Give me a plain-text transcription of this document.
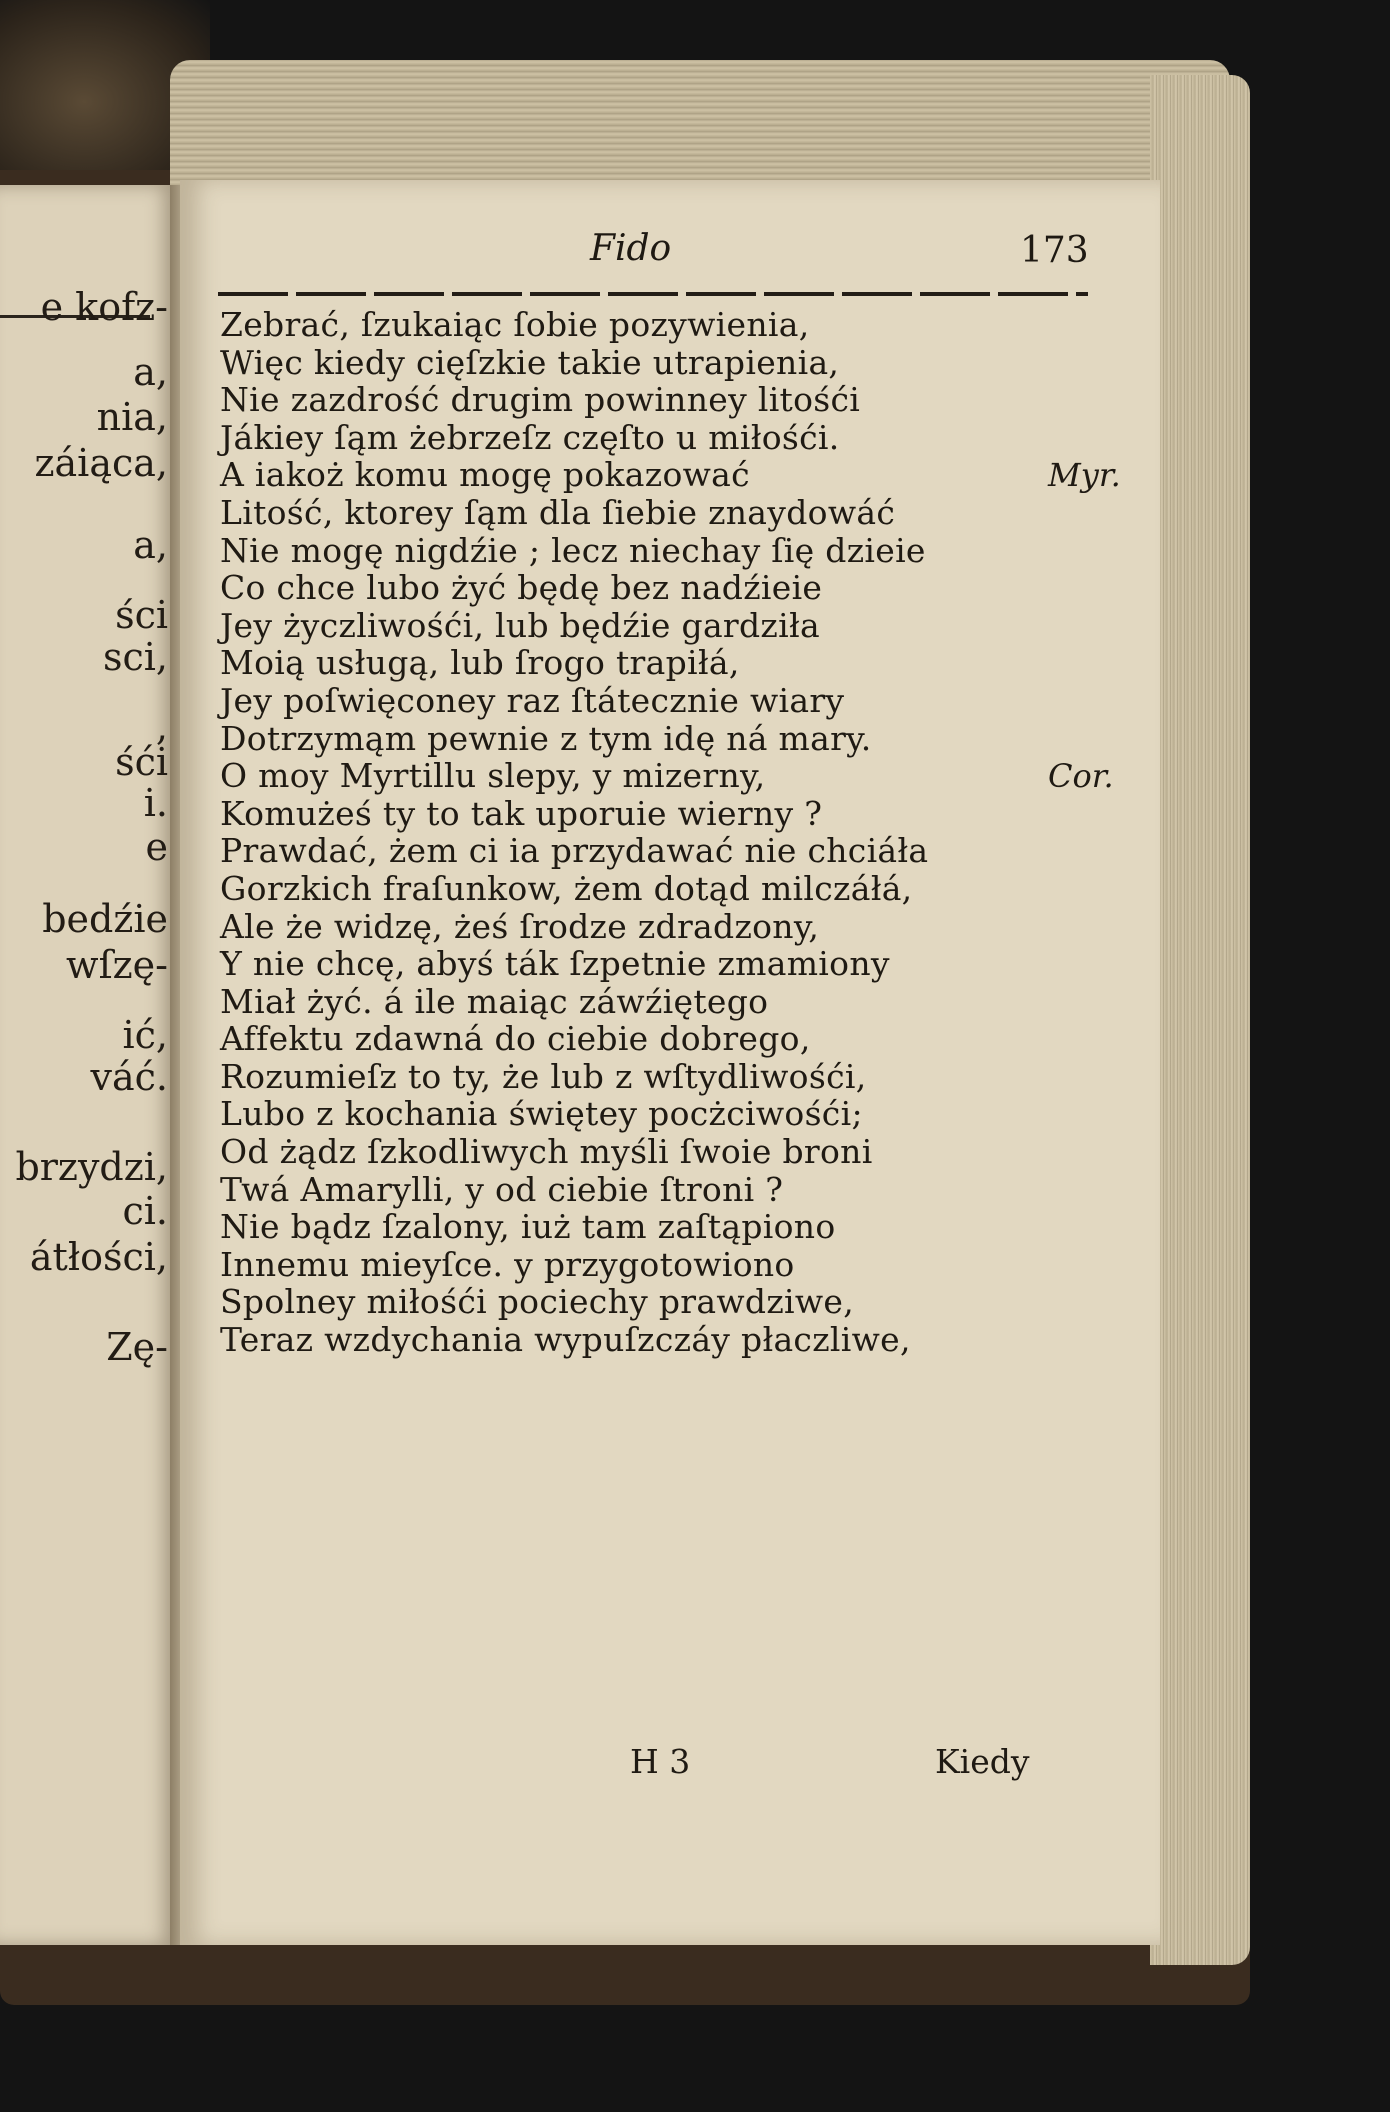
e kofz-
a,
nia,
záiąca,
a,
ści
sci,
,
śći
i.
e
bedźie
wſzę-
ić,
váć.
brzydzi,
ci.
átłości,
Zę-
Fido	173
Zebrać, ſzukaiąc ſobie pozywienia,
Więc kiedy cięſzkie takie utrapienia,
Nie zazdrość drugim powinney litośći
Jákiey ſąm żebrzeſz częſto u miłośći.
A iakoż komu mogę pokazować
Litość, ktorey ſąm dla ſiebie znaydowáć
Nie mogę nigdźie ; lecz niechay ſię dzieie
Co chce lubo żyć będę bez nadźieie
Jey życzliwośći, lub będźie gardziła
Moią usługą, lub ſrogo trapiłá,
Jey poſwięconey raz ſtátecznie wiary
Dotrzymąm pewnie z tym idę ná mary.
O moy Myrtillu slepy, y mizerny,
Komużeś ty to tak uporuie wierny ?
Prawdać, żem ci ia przydawać nie chciáła
Gorzkich fraſunkow, żem dotąd milczáłá,
Ale że widzę, żeś ſrodze zdradzony,
Y nie chcę, abyś ták ſzpetnie zmamiony
Miał żyć. á ile maiąc záwźiętego
Affektu zdawná do ciebie dobrego,
Rozumieſz to ty, że lub z wſtydliwośći,
Lubo z kochania świętey pocżciwośći;
Od żądz ſzkodliwych myśli ſwoie broni
Twá Amarylli, y od ciebie ſtroni ?
Nie bądz ſzalony, iuż tam zaſtąpiono
Innemu mieyſce. y przygotowiono
Spolney miłośći pociechy prawdziwe,
Teraz wzdychania wypuſzczáy płaczliwe,
Myr.
Cor.
H 3	Kiedy
